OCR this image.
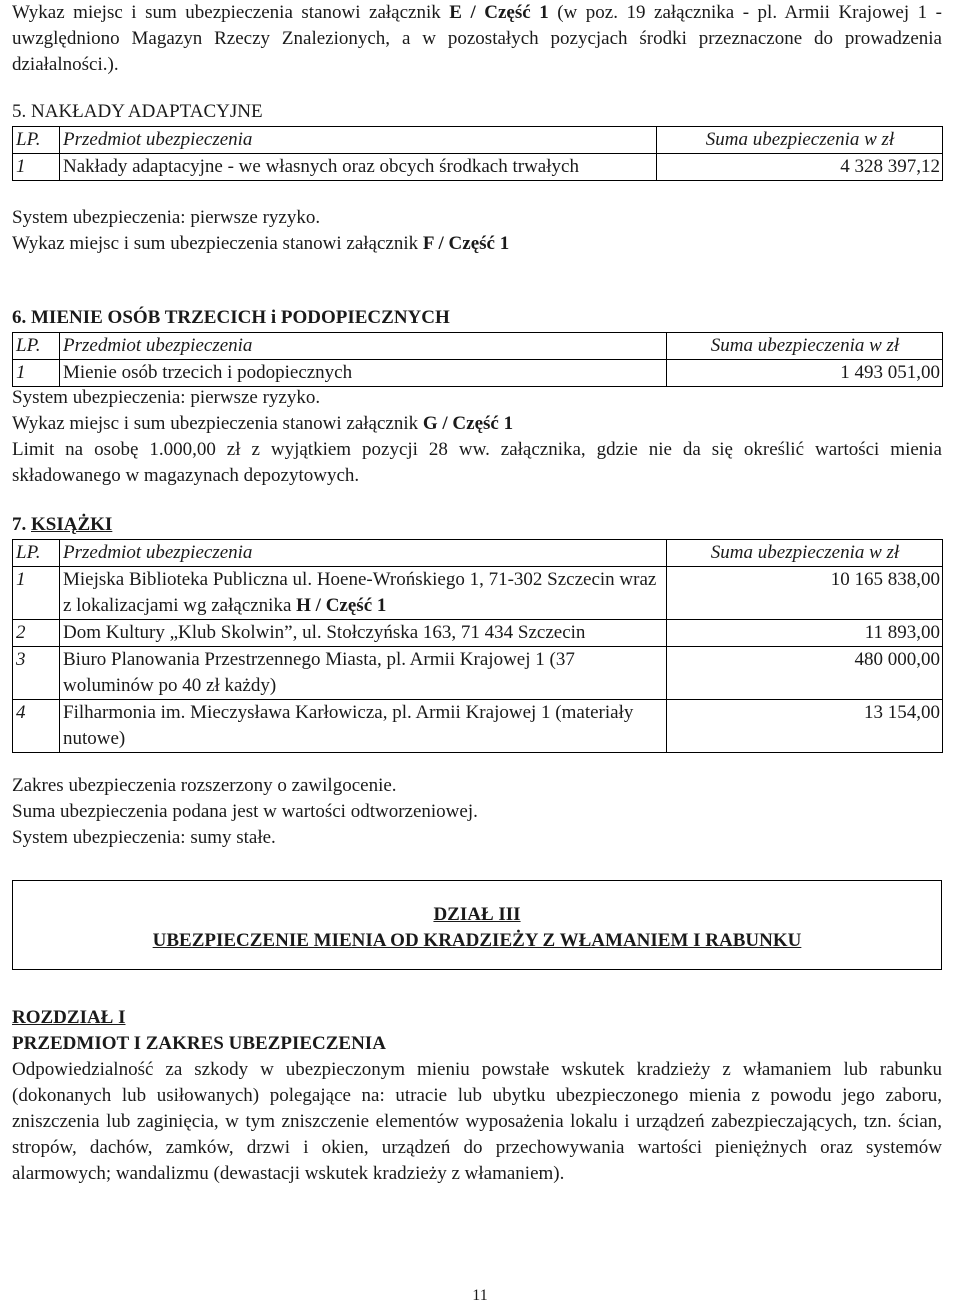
Wykaz miejsc i sum ubezpieczenia stanowi załącznik E / Część 1 (w poz. 19 załącznika - pl. Armii Krajowej 1 - uwzględniono Magazyn Rzeczy Znalezionych, a w pozostałych pozycjach środki przeznaczone do prowadzenia działalności.).

5. NAKŁADY ADAPTACYJNE

LP.	Przedmiot ubezpieczenia	Suma ubezpieczenia w zł
1	Nakłady adaptacyjne - we własnych oraz obcych środkach trwałych	4 328 397,12

System ubezpieczenia: pierwsze ryzyko.

Wykaz miejsc i sum ubezpieczenia stanowi załącznik F / Część 1

6. MIENIE OSÓB TRZECICH i PODOPIECZNYCH

LP.	Przedmiot ubezpieczenia	Suma ubezpieczenia w zł
1	Mienie osób trzecich i podopiecznych	1 493 051,00

System ubezpieczenia: pierwsze ryzyko.

Wykaz miejsc i sum ubezpieczenia stanowi załącznik G / Część 1

Limit na osobę 1.000,00 zł z wyjątkiem pozycji 28 ww. załącznika, gdzie nie da się określić wartości mienia składowanego w magazynach depozytowych.

7. KSIĄŻKI

LP.	Przedmiot ubezpieczenia	Suma ubezpieczenia w zł
1	Miejska Biblioteka Publiczna ul. Hoene-Wrońskiego 1, 71-302 Szczecin wraz z lokalizacjami wg załącznika H / Część 1	10 165 838,00
2	Dom Kultury „Klub Skolwin”, ul. Stołczyńska 163, 71 434 Szczecin	11 893,00
3	Biuro Planowania Przestrzennego Miasta, pl. Armii Krajowej 1 (37 woluminów po 40 zł każdy)	480 000,00
4	Filharmonia im. Mieczysława Karłowicza, pl. Armii Krajowej 1 (materiały nutowe)	13 154,00

Zakres ubezpieczenia rozszerzony o zawilgocenie.

Suma ubezpieczenia podana jest w wartości odtworzeniowej.

System ubezpieczenia: sumy stałe.

DZIAŁ III
UBEZPIECZENIE MIENIA OD KRADZIEŻY Z WŁAMANIEM I RABUNKU

ROZDZIAŁ I

PRZEDMIOT I ZAKRES UBEZPIECZENIA

Odpowiedzialność za szkody w ubezpieczonym mieniu powstałe wskutek kradzieży z włamaniem lub rabunku (dokonanych lub usiłowanych) polegające na: utracie lub ubytku ubezpieczonego mienia z powodu jego zaboru, zniszczenia lub zaginięcia, w tym zniszczenie elementów wyposażenia lokalu i urządzeń zabezpieczających, tzn. ścian, stropów, dachów, zamków, drzwi i okien, urządzeń do przechowywania wartości pieniężnych oraz systemów alarmowych; wandalizmu (dewastacji wskutek kradzieży z włamaniem).

11
